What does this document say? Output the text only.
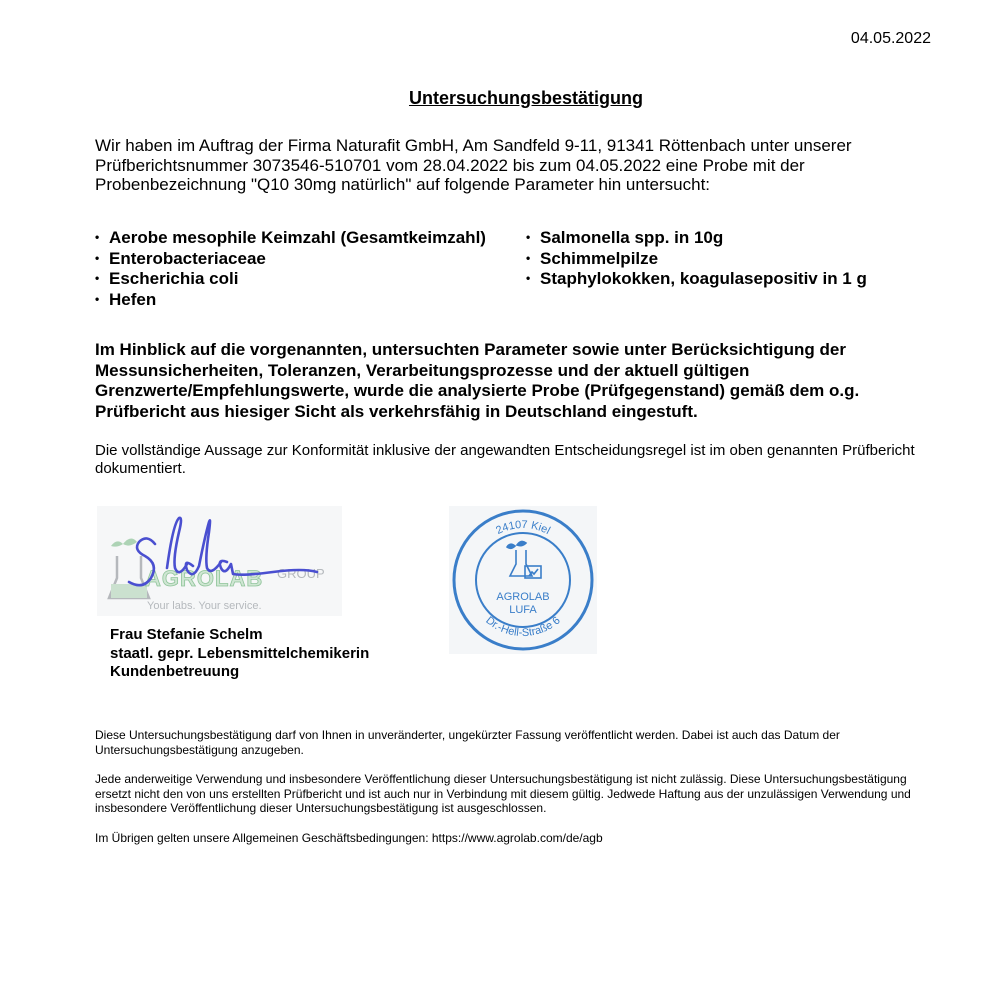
04.05.2022
Untersuchungsbestätigung
Wir haben im Auftrag der Firma Naturafit GmbH, Am Sandfeld 9-11, 91341 Röttenbach unter unserer Prüfberichtsnummer 3073546-510701 vom 28.04.2022 bis zum 04.05.2022 eine Probe mit der Probenbezeichnung "Q10 30mg natürlich" auf folgende Parameter hin untersucht:
• Aerobe mesophile Keimzahl (Gesamtkeimzahl)
• Enterobacteriaceae
• Escherichia coli
• Hefen
• Salmonella spp. in 10g
• Schimmelpilze
• Staphylokokken, koagulasepositiv in 1 g
Im Hinblick auf die vorgenannten, untersuchten Parameter sowie unter Berücksichtigung der Messunsicherheiten, Toleranzen, Verarbeitungsprozesse und der aktuell gültigen Grenzwerte/Empfehlungswerte, wurde die analysierte Probe (Prüfgegenstand) gemäß dem o.g. Prüfbericht aus hiesiger Sicht als verkehrsfähig in Deutschland eingestuft.
Die vollständige Aussage zur Konformität inklusive der angewandten Entscheidungsregel ist im oben genannten Prüfbericht dokumentiert.
AGROLAB GROUP
Your labs. Your service.
Frau Stefanie Schelm
staatl. gepr. Lebensmittelchemikerin
Kundenbetreuung
24107 Kiel
Dr.-Hell-Straße 6
AGROLAB
LUFA

Diese Untersuchungsbestätigung darf von Ihnen in unveränderter, ungekürzter Fassung veröffentlicht werden. Dabei ist auch das Datum der Untersuchungsbestätigung anzugeben.

Jede anderweitige Verwendung und insbesondere Veröffentlichung dieser Untersuchungsbestätigung ist nicht zulässig. Diese Untersuchungsbestätigung ersetzt nicht den von uns erstellten Prüfbericht und ist auch nur in Verbindung mit diesem gültig. Jedwede Haftung aus der unzulässigen Verwendung und insbesondere Veröffentlichung dieser Untersuchungsbestätigung ist ausgeschlossen.

Im Übrigen gelten unsere Allgemeinen Geschäftsbedingungen: https://www.agrolab.com/de/agb
